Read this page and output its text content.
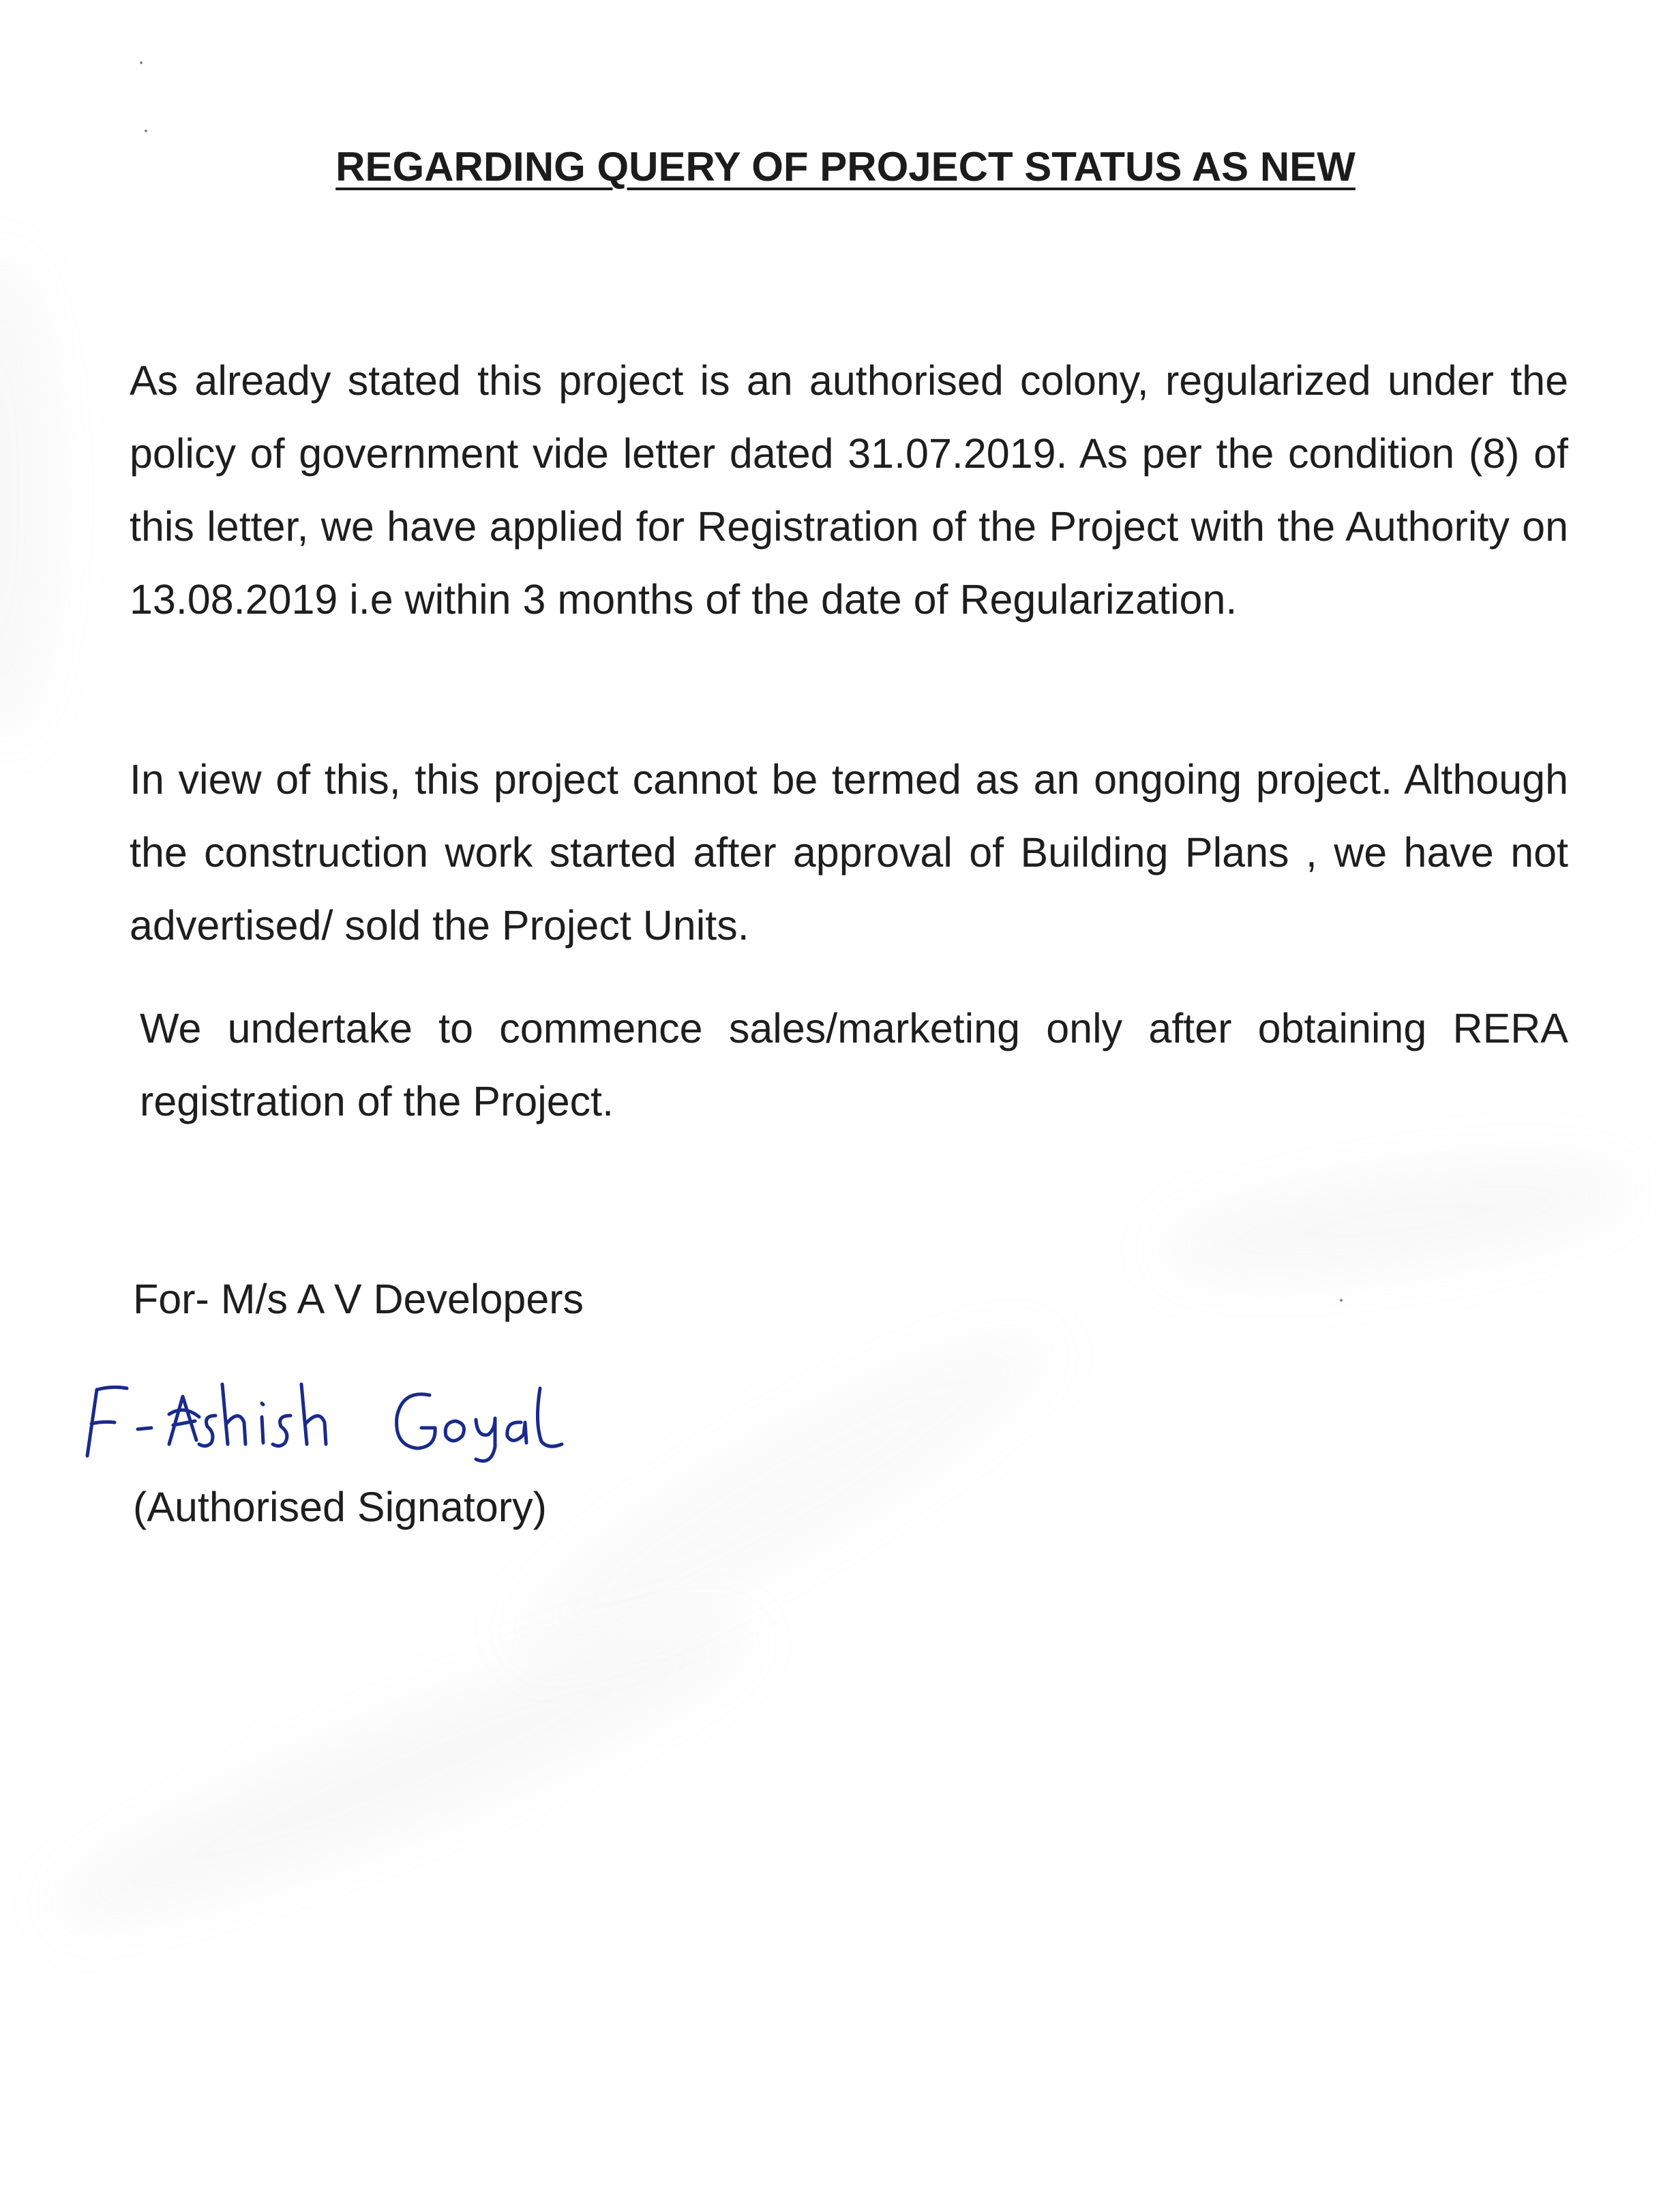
REGARDING QUERY OF PROJECT STATUS AS NEW

As already stated this project is an authorised colony, regularized under the policy of government vide letter dated 31.07.2019. As per the condition (8) of this letter, we have applied for Registration of the Project with the Authority on 13.08.2019 i.e within 3 months of the date of Regularization.

In view of this, this project cannot be termed as an ongoing project. Although the construction work started after approval of Building Plans , we have not advertised/ sold the Project Units.

We undertake to commence sales/marketing only after obtaining RERA registration of the Project.

For- M/s A V Developers

F- Ashish Goyal

(Authorised Signatory)
